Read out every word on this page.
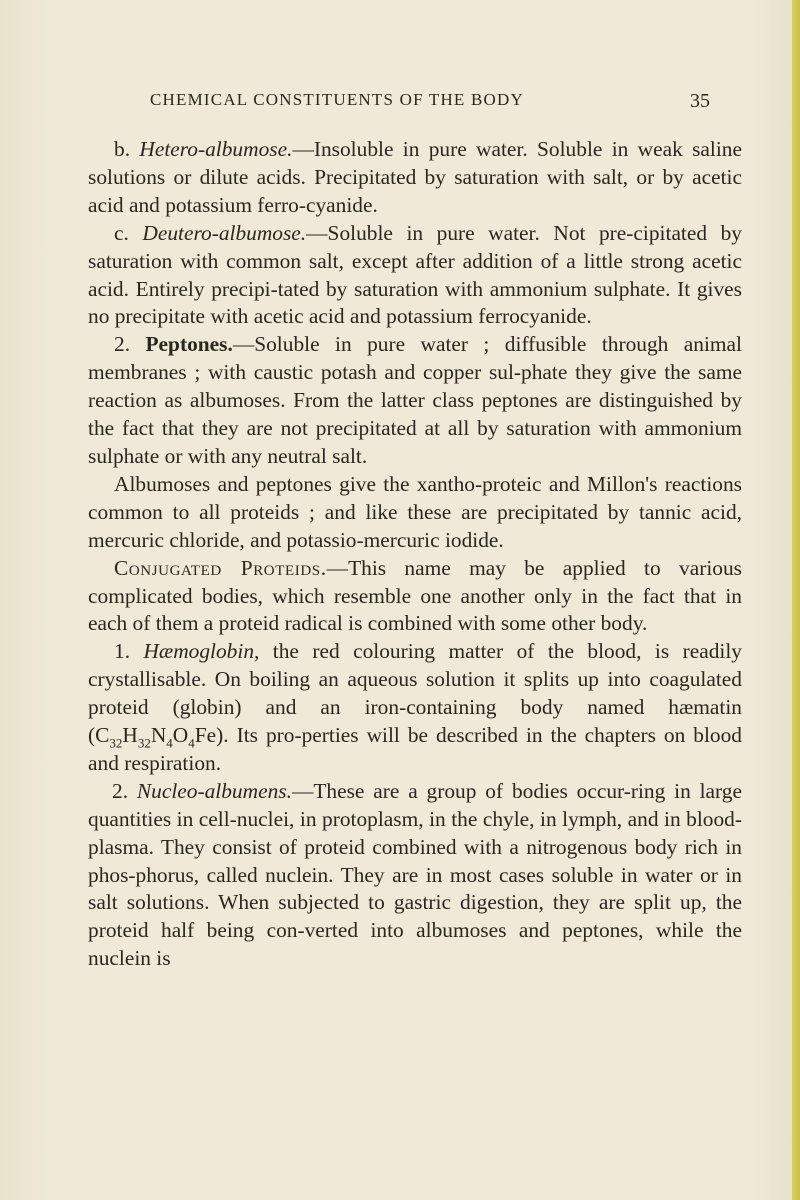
CHEMICAL CONSTITUENTS OF THE BODY	35

b. Hetero-albumose.—Insoluble in pure water. Soluble in weak saline solutions or dilute acids. Precipitated by saturation with salt, or by acetic acid and potassium ferro-cyanide.

c. Deutero-albumose.—Soluble in pure water. Not pre-cipitated by saturation with common salt, except after addition of a little strong acetic acid. Entirely precipi-tated by saturation with ammonium sulphate. It gives no precipitate with acetic acid and potassium ferrocyanide.

2. Peptones.—Soluble in pure water ; diffusible through animal membranes ; with caustic potash and copper sul-phate they give the same reaction as albumoses. From the latter class peptones are distinguished by the fact that they are not precipitated at all by saturation with ammonium sulphate or with any neutral salt.

Albumoses and peptones give the xantho-proteic and Millon's reactions common to all proteids ; and like these are precipitated by tannic acid, mercuric chloride, and potassio-mercuric iodide.

Conjugated Proteids.—This name may be applied to various complicated bodies, which resemble one another only in the fact that in each of them a proteid radical is combined with some other body.

1. Hæmoglobin, the red colouring matter of the blood, is readily crystallisable. On boiling an aqueous solution it splits up into coagulated proteid (globin) and an iron-containing body named hæmatin $(C_{32}H_{32}N_4O_4Fe)$. Its pro-perties will be described in the chapters on blood and respiration.

2. Nucleo-albumens.—These are a group of bodies occur-ring in large quantities in cell-nuclei, in protoplasm, in the chyle, in lymph, and in blood-plasma. They consist of proteid combined with a nitrogenous body rich in phos-phorus, called nuclein. They are in most cases soluble in water or in salt solutions. When subjected to gastric digestion, they are split up, the proteid half being con-verted into albumoses and peptones, while the nuclein is
